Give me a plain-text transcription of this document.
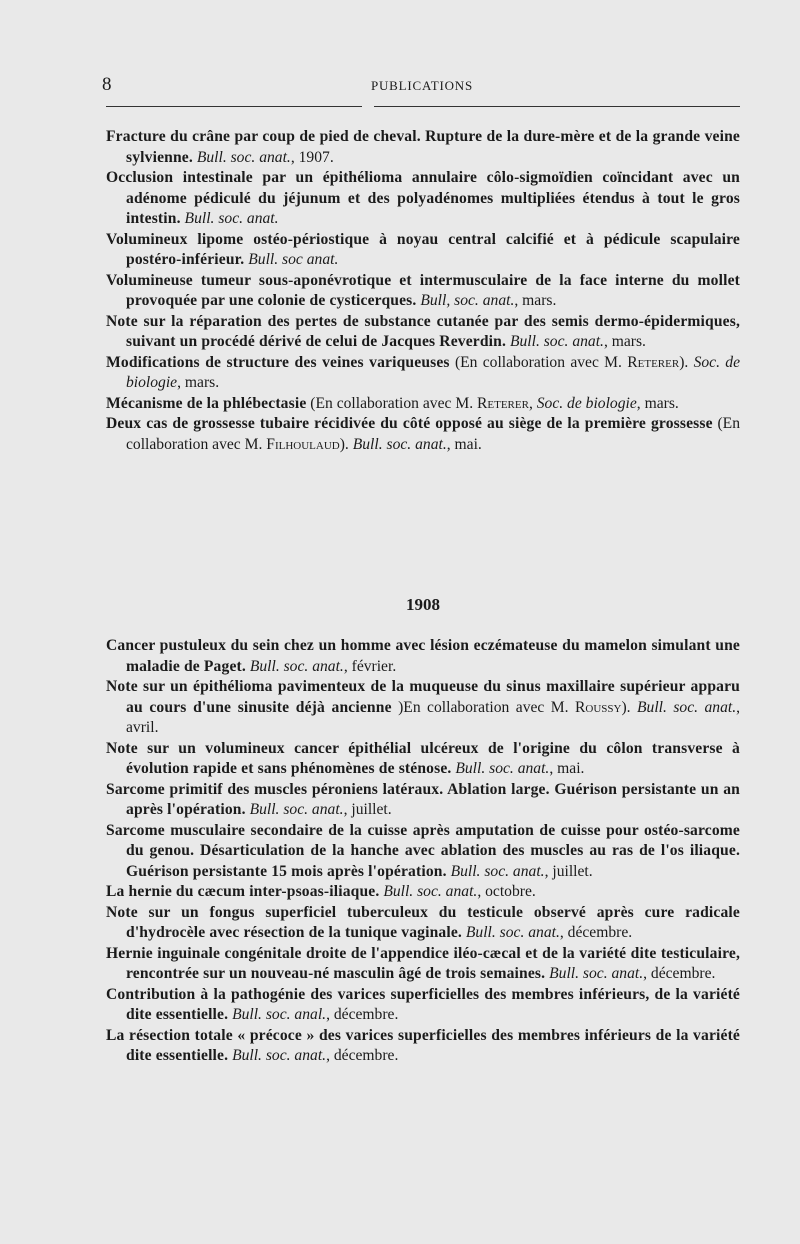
8	PUBLICATIONS

Fracture du crâne par coup de pied de cheval. Rupture de la dure-mère et de la grande veine sylvienne. Bull. soc. anat., 1907.

Occlusion intestinale par un épithélioma annulaire côlo-sigmoïdien coïncidant avec un adénome pédiculé du jéjunum et des polyadénomes multipliées étendus à tout le gros intestin. Bull. soc. anat.

Volumineux lipome ostéo-périostique à noyau central calcifié et à pédicule scapulaire postéro-inférieur. Bull. soc anat.

Volumineuse tumeur sous-aponévrotique et intermusculaire de la face interne du mollet provoquée par une colonie de cysticerques. Bull, soc. anat., mars.

Note sur la réparation des pertes de substance cutanée par des semis dermo-épidermiques, suivant un procédé dérivé de celui de Jacques Reverdin. Bull. soc. anat., mars.

Modifications de structure des veines variqueuses (En collaboration avec M. Reterer). Soc. de biologie, mars.

Mécanisme de la phlébectasie (En collaboration avec M. Reterer, Soc. de biologie, mars.

Deux cas de grossesse tubaire récidivée du côté opposé au siège de la première grossesse (En collaboration avec M. Filhoulaud). Bull. soc. anat., mai.

1908

Cancer pustuleux du sein chez un homme avec lésion eczémateuse du mamelon simulant une maladie de Paget. Bull. soc. anat., février.

Note sur un épithélioma pavimenteux de la muqueuse du sinus maxillaire supérieur apparu au cours d'une sinusite déjà ancienne )En collaboration avec M. Roussy). Bull. soc. anat., avril.

Note sur un volumineux cancer épithélial ulcéreux de l'origine du côlon transverse à évolution rapide et sans phénomènes de sténose. Bull. soc. anat., mai.

Sarcome primitif des muscles péroniens latéraux. Ablation large. Guérison persistante un an après l'opération. Bull. soc. anat., juillet.

Sarcome musculaire secondaire de la cuisse après amputation de cuisse pour ostéo-sarcome du genou. Désarticulation de la hanche avec ablation des muscles au ras de l'os iliaque. Guérison persistante 15 mois après l'opération. Bull. soc. anat., juillet.

La hernie du cæcum inter-psoas-iliaque. Bull. soc. anat., octobre.

Note sur un fongus superficiel tuberculeux du testicule observé après cure radicale d'hydrocèle avec résection de la tunique vaginale. Bull. soc. anat., décembre.

Hernie inguinale congénitale droite de l'appendice iléo-cæcal et de la variété dite testiculaire, rencontrée sur un nouveau-né masculin âgé de trois semaines. Bull. soc. anat., décembre.

Contribution à la pathogénie des varices superficielles des membres inférieurs, de la variété dite essentielle. Bull. soc. anal., décembre.

La résection totale « précoce » des varices superficielles des membres inférieurs de la variété dite essentielle. Bull. soc. anat., décembre.
